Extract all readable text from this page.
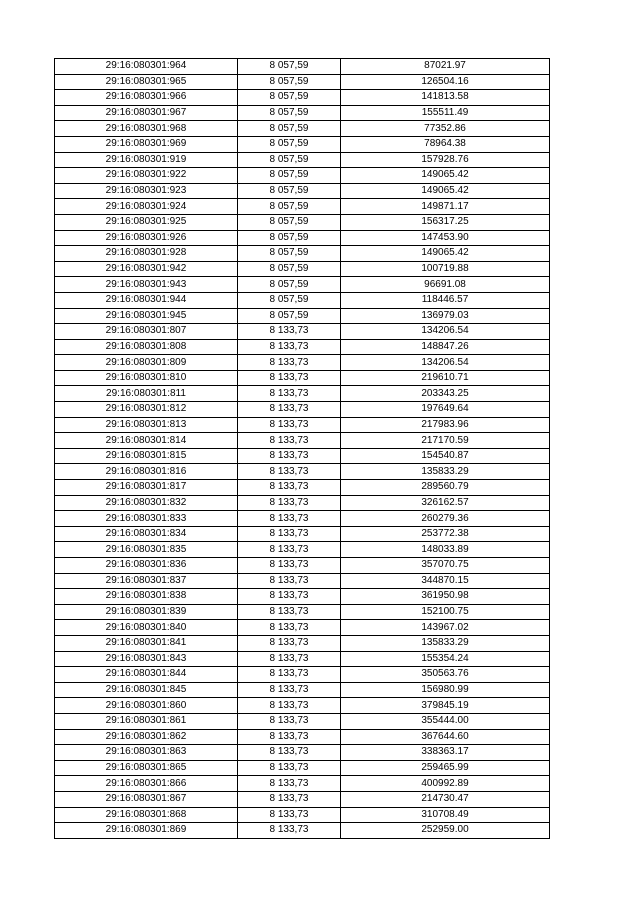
29:16:080301:964	8 057,59	87021.97
29:16:080301:965	8 057,59	126504.16
29:16:080301:966	8 057,59	141813.58
29:16:080301:967	8 057,59	155511.49
29:16:080301:968	8 057,59	77352.86
29:16:080301:969	8 057,59	78964.38
29:16:080301:919	8 057,59	157928.76
29:16:080301:922	8 057,59	149065.42
29:16:080301:923	8 057,59	149065.42
29:16:080301:924	8 057,59	149871.17
29:16:080301:925	8 057,59	156317.25
29:16:080301:926	8 057,59	147453.90
29:16:080301:928	8 057,59	149065.42
29:16:080301:942	8 057,59	100719.88
29:16:080301:943	8 057,59	96691.08
29:16:080301:944	8 057,59	118446.57
29:16:080301:945	8 057,59	136979.03
29:16:080301:807	8 133,73	134206.54
29:16:080301:808	8 133,73	148847.26
29:16:080301:809	8 133,73	134206.54
29:16:080301:810	8 133,73	219610.71
29:16:080301:811	8 133,73	203343.25
29:16:080301:812	8 133,73	197649.64
29:16:080301:813	8 133,73	217983.96
29:16:080301:814	8 133,73	217170.59
29:16:080301:815	8 133,73	154540.87
29:16:080301:816	8 133,73	135833.29
29:16:080301:817	8 133,73	289560.79
29:16:080301:832	8 133,73	326162.57
29:16:080301:833	8 133,73	260279.36
29:16:080301:834	8 133,73	253772.38
29:16:080301:835	8 133,73	148033.89
29:16:080301:836	8 133,73	357070.75
29:16:080301:837	8 133,73	344870.15
29:16:080301:838	8 133,73	361950.98
29:16:080301:839	8 133,73	152100.75
29:16:080301:840	8 133,73	143967.02
29:16:080301:841	8 133,73	135833.29
29:16:080301:843	8 133,73	155354.24
29:16:080301:844	8 133,73	350563.76
29:16:080301:845	8 133,73	156980.99
29:16:080301:860	8 133,73	379845.19
29:16:080301:861	8 133,73	355444.00
29:16:080301:862	8 133,73	367644.60
29:16:080301:863	8 133,73	338363.17
29:16:080301:865	8 133,73	259465.99
29:16:080301:866	8 133,73	400992.89
29:16:080301:867	8 133,73	214730.47
29:16:080301:868	8 133,73	310708.49
29:16:080301:869	8 133,73	252959.00
